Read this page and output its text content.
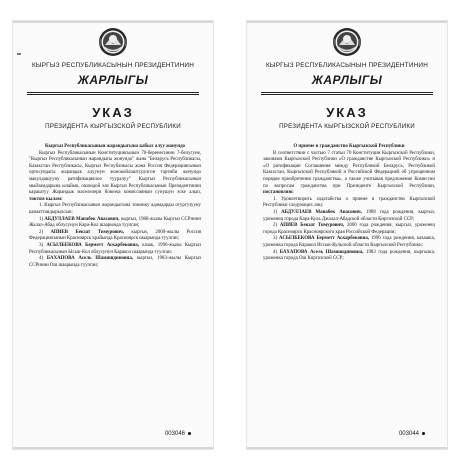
КЫРГЫЗ РЕСПУБЛИКАСЫНЫН ПРЕЗИДЕНТИНИН
ЖАРЛЫГЫ
УКАЗ
ПРЕЗИДЕНТА КЫРГЫЗСКОЙ РЕСПУБЛИКИ

Кыргыз Республикасынын жарандыгына кабыл алуу жонундо

Кыргыз Республикасынын Конституциясынын 70-беренесинин 7-белугуне, "Кыргыз Республикасынын жарандыгы жонундо" жана "Беларусь Республикасы, Казакстан Республикасы, Кыргыз Республикасы жана Россия Федерациясынын ортосундагы жарандык алуунун жонокойлоштурулгон тартиби жонундо макулдашууну ратификациялоо тууралуу" Кыргыз Республикасынын мыйзамдарына ылайык, ошондой эле Кыргыз Республикасынын Президентинин караштуу Жарандык маселелери боюнча комиссиянын сунушун эске алып, токтом кылам:

1. Кыргыз Республикасынын жарандыгына томонку адамдарды отургузууну канааттандырылсын:

1) АБДУЛЛАЕВ Манабек Авасович, кыргыз, 1988-жылы Кыргыз ССРинин Жалал-Абад облусунун Кара-Кол шаарында туулган;

2) АПИЕВ Бекзат Тимурович, кыргыз, 2000-жылы Россия Федерациясынын Красноярск крайында Красноярск шаарында туулган;

3) АСЫЛБЕКОВА Берметт Аскарбековна, казак, 1996-жылы Кыргыз Республикасынын Ысык-Кол облусунун Каракол шаарында туулган;

4) БАХАПОВА Асель Шамшидиновна, кыргыз, 1983-жылы Кыргыз ССРинин Ош шаарында туулган;

003046
КЫРГЫЗ РЕСПУБЛИКАСЫНЫН ПРЕЗИДЕНТИНИН
ЖАРЛЫГЫ
УКАЗ
ПРЕЗИДЕНТА КЫРГЫЗСКОЙ РЕСПУБЛИКИ

О приеме в гражданство Кыргызской Республики

В соответствии с частью 7 статьи 70 Конституции Кыргызской Республики, законами Кыргызской Республики «О гражданстве Кыргызской Республики» и «О ратификации Соглашения между Республикой Беларусь, Республикой Казахстан, Кыргызской Республикой и Российской Федерацией об упрощенном порядке приобретения гражданства», а также учитывая предложение Комиссии по вопросам гражданства при Президенте Кыргызской Республики, постановляю:

1. Удовлетворить ходатайства о приеме в гражданство Кыргызской Республики следующих лиц:

1) АБДУЛЛАЕВ Манабек Авасович, 1988 года рождения, кыргыз, уроженец города Кара-Куль Джалал-Абадской области Киргизской ССР;

2) АПИЕВ Бекзат Тимурович, 2000 года рождения, кыргыз, уроженец города Красноярск Красноярского края Российской Федерации;

3) АСЫЛБЕКОВА Берметт Аскарбековна, 1996 года рождения, казашка, уроженка города Каракол Иссык-Кульской области Кыргызской Республики;

4) БАХАПОВА Асель Шамшидиновна, 1983 года рождения, кыргызка, уроженка города Ош Киргизской ССР;

003044
